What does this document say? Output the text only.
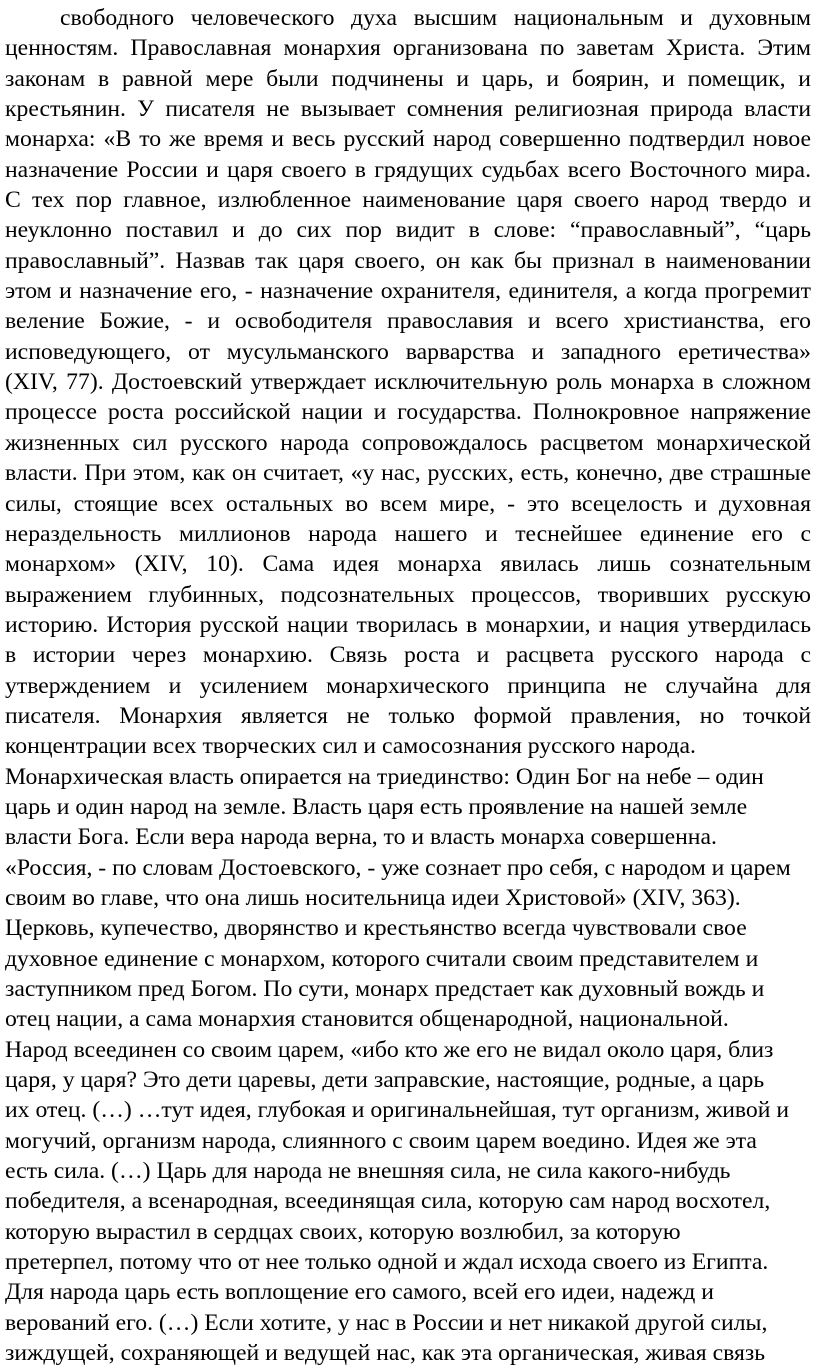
свободного человеческого духа высшим национальным и духовным
ценностям. Православная монархия организована по заветам Христа. Этим
законам в равной мере были подчинены и царь, и боярин, и помещик, и
крестьянин. У писателя не вызывает сомнения религиозная природа власти
монарха: «В то же время и весь русский народ совершенно подтвердил новое
назначение России и царя своего в грядущих судьбах всего Восточного мира.
С тех пор главное, излюбленное наименование царя своего народ твердо и
неуклонно поставил и до сих пор видит в слове: “православный”, “царь
православный”. Назвав так царя своего, он как бы признал в наименовании
этом и назначение его, - назначение охранителя, единителя, а когда прогремит
веление Божие, - и освободителя православия и всего христианства, его
исповедующего, от мусульманского варварства и западного еретичества»
(XIV, 77). Достоевский утверждает исключительную роль монарха в сложном
процессе роста российской нации и государства. Полнокровное напряжение
жизненных сил русского народа сопровождалось расцветом монархической
власти. При этом, как он считает, «у нас, русских, есть, конечно, две страшные
силы, стоящие всех остальных во всем мире, - это всецелость и духовная
нераздельность миллионов народа нашего и теснейшее единение его с
монархом» (XIV, 10). Сама идея монарха явилась лишь сознательным
выражением глубинных, подсознательных процессов, творивших русскую
историю. История русской нации творилась в монархии, и нация утвердилась
в истории через монархию. Связь роста и расцвета русского народа с
утверждением и усилением монархического принципа не случайна для
писателя. Монархия является не только формой правления, но точкой
концентрации всех творческих сил и самосознания русского народа.
Монархическая власть опирается на триединство: Один Бог на небе – один
царь и один народ на земле. Власть царя есть проявление на нашей земле
власти Бога. Если вера народа верна, то и власть монарха совершенна.
«Россия, - по словам Достоевского, - уже сознает про себя, с народом и царем
своим во главе, что она лишь носительница идеи Христовой» (XIV, 363).
Церковь, купечество, дворянство и крестьянство всегда чувствовали свое
духовное единение с монархом, которого считали своим представителем и
заступником пред Богом. По сути, монарх предстает как духовный вождь и
отец нации, а сама монархия становится общенародной, национальной.
Народ всеединен со своим царем, «ибо кто же его не видал около царя, близ
царя, у царя? Это дети царевы, дети заправские, настоящие, родные, а царь
их отец. (…) …тут идея, глубокая и оригинальнейшая, тут организм, живой и
могучий, организм народа, слиянного с своим царем воедино. Идея же эта
есть сила. (…) Царь для народа не внешняя сила, не сила какого-нибудь
победителя, а всенародная, всеединящая сила, которую сам народ восхотел,
которую вырастил в сердцах своих, которую возлюбил, за которую
претерпел, потому что от нее только одной и ждал исхода своего из Египта.
Для народа царь есть воплощение его самого, всей его идеи, надежд и
верований его. (…) Если хотите, у нас в России и нет никакой другой силы,
зиждущей, сохраняющей и ведущей нас, как эта органическая, живая связь
